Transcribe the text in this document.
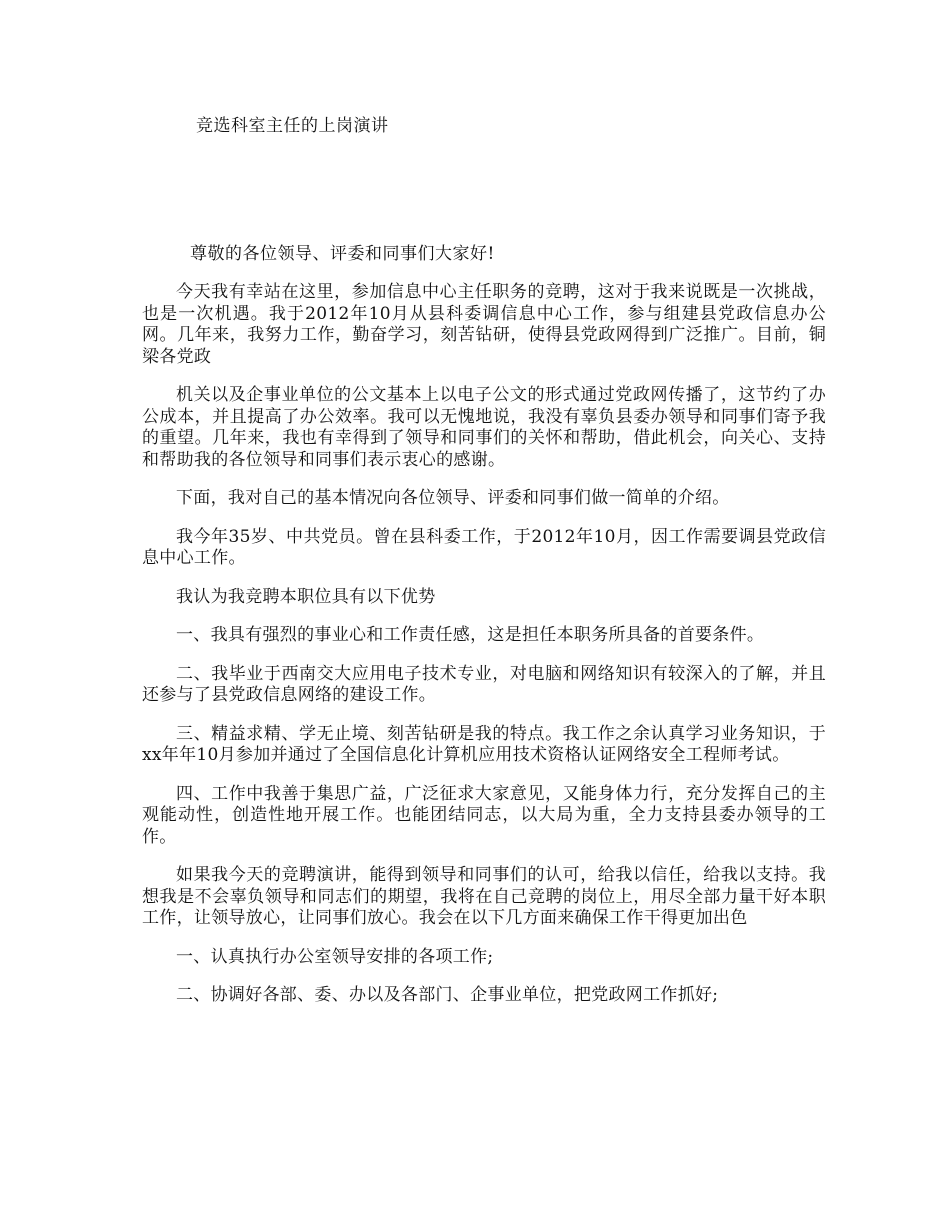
竞选科室主任的上岗演讲
尊敬的各位领导、评委和同事们大家好!

今天我有幸站在这里，参加信息中心主任职务的竞聘，这对于我来说既是一次挑战，也是一次机遇。我于2012年10月从县科委调信息中心工作，参与组建县党政信息办公网。几年来，我努力工作，勤奋学习，刻苦钻研，使得县党政网得到广泛推广。目前，铜梁各党政

机关以及企事业单位的公文基本上以电子公文的形式通过党政网传播了，这节约了办公成本，并且提高了办公效率。我可以无愧地说，我没有辜负县委办领导和同事们寄予我的重望。几年来，我也有幸得到了领导和同事们的关怀和帮助，借此机会，向关心、支持和帮助我的各位领导和同事们表示衷心的感谢。

下面，我对自己的基本情况向各位领导、评委和同事们做一简单的介绍。

我今年35岁、中共党员。曾在县科委工作，于2012年10月，因工作需要调县党政信息中心工作。

我认为我竞聘本职位具有以下优势

一、我具有强烈的事业心和工作责任感，这是担任本职务所具备的首要条件。

二、我毕业于西南交大应用电子技术专业，对电脑和网络知识有较深入的了解，并且还参与了县党政信息网络的建设工作。

三、精益求精、学无止境、刻苦钻研是我的特点。我工作之余认真学习业务知识，于xx年年10月参加并通过了全国信息化计算机应用技术资格认证网络安全工程师考试。

四、工作中我善于集思广益，广泛征求大家意见，又能身体力行，充分发挥自己的主观能动性，创造性地开展工作。也能团结同志，以大局为重，全力支持县委办领导的工作。

如果我今天的竞聘演讲，能得到领导和同事们的认可，给我以信任，给我以支持。我想我是不会辜负领导和同志们的期望，我将在自己竞聘的岗位上，用尽全部力量干好本职工作，让领导放心，让同事们放心。我会在以下几方面来确保工作干得更加出色

一、认真执行办公室领导安排的各项工作;

二、协调好各部、委、办以及各部门、企事业单位，把党政网工作抓好;
